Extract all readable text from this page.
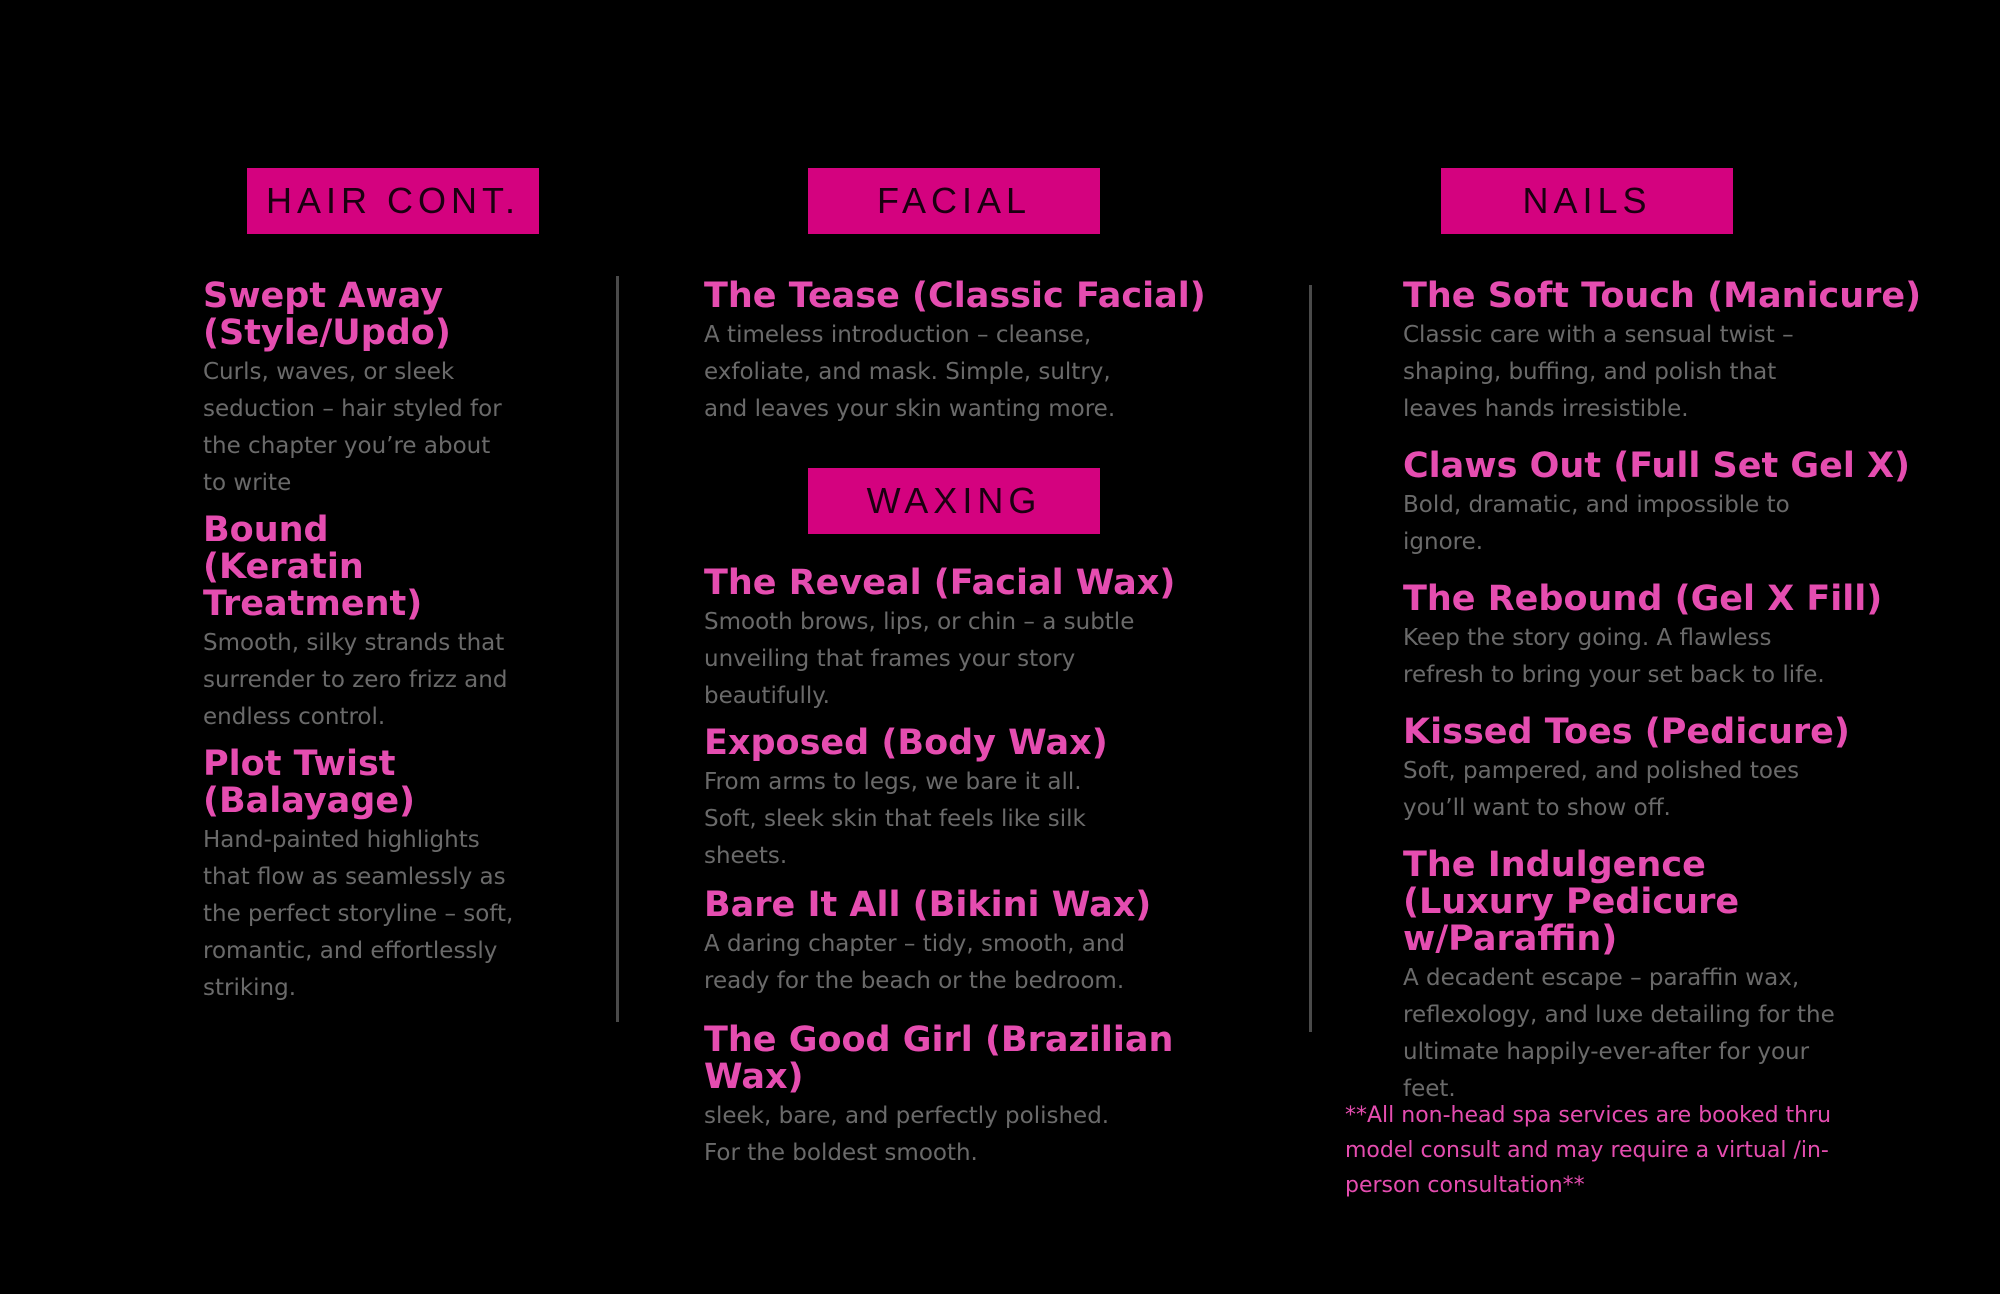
HAIR CONT.	FACIAL	NAILS
WAXING
Swept Away
(Style/Updo)
Curls, waves, or sleek seduction – hair styled for the chapter you’re about to write
Bound
(Keratin Treatment)
Smooth, silky strands that surrender to zero frizz and endless control.
Plot Twist
(Balayage)
Hand-painted highlights that flow as seamlessly as the perfect storyline – soft, romantic, and effortlessly striking.
The Tease (Classic Facial)
A timeless introduction – cleanse, exfoliate, and mask. Simple, sultry, and leaves your skin wanting more.
The Reveal (Facial Wax)
Smooth brows, lips, or chin – a subtle unveiling that frames your story beautifully.
Exposed (Body Wax)
From arms to legs, we bare it all. Soft, sleek skin that feels like silk sheets.
Bare It All (Bikini Wax)
A daring chapter – tidy, smooth, and ready for the beach or the bedroom.
The Good Girl (Brazilian Wax)
sleek, bare, and perfectly polished. For the boldest smooth.
The Soft Touch (Manicure)
Classic care with a sensual twist – shaping, buffing, and polish that leaves hands irresistible.
Claws Out (Full Set Gel X)
Bold, dramatic, and impossible to ignore.
The Rebound (Gel X Fill)
Keep the story going. A flawless refresh to bring your set back to life.
Kissed Toes (Pedicure)
Soft, pampered, and polished toes you’ll want to show off.
The Indulgence
(Luxury Pedicure w/Paraffin)
A decadent escape – paraffin wax, reflexology, and luxe detailing for the ultimate happily-ever-after for your feet.
**All non-head spa services are booked thru model consult and may require a virtual /in-person consultation**
